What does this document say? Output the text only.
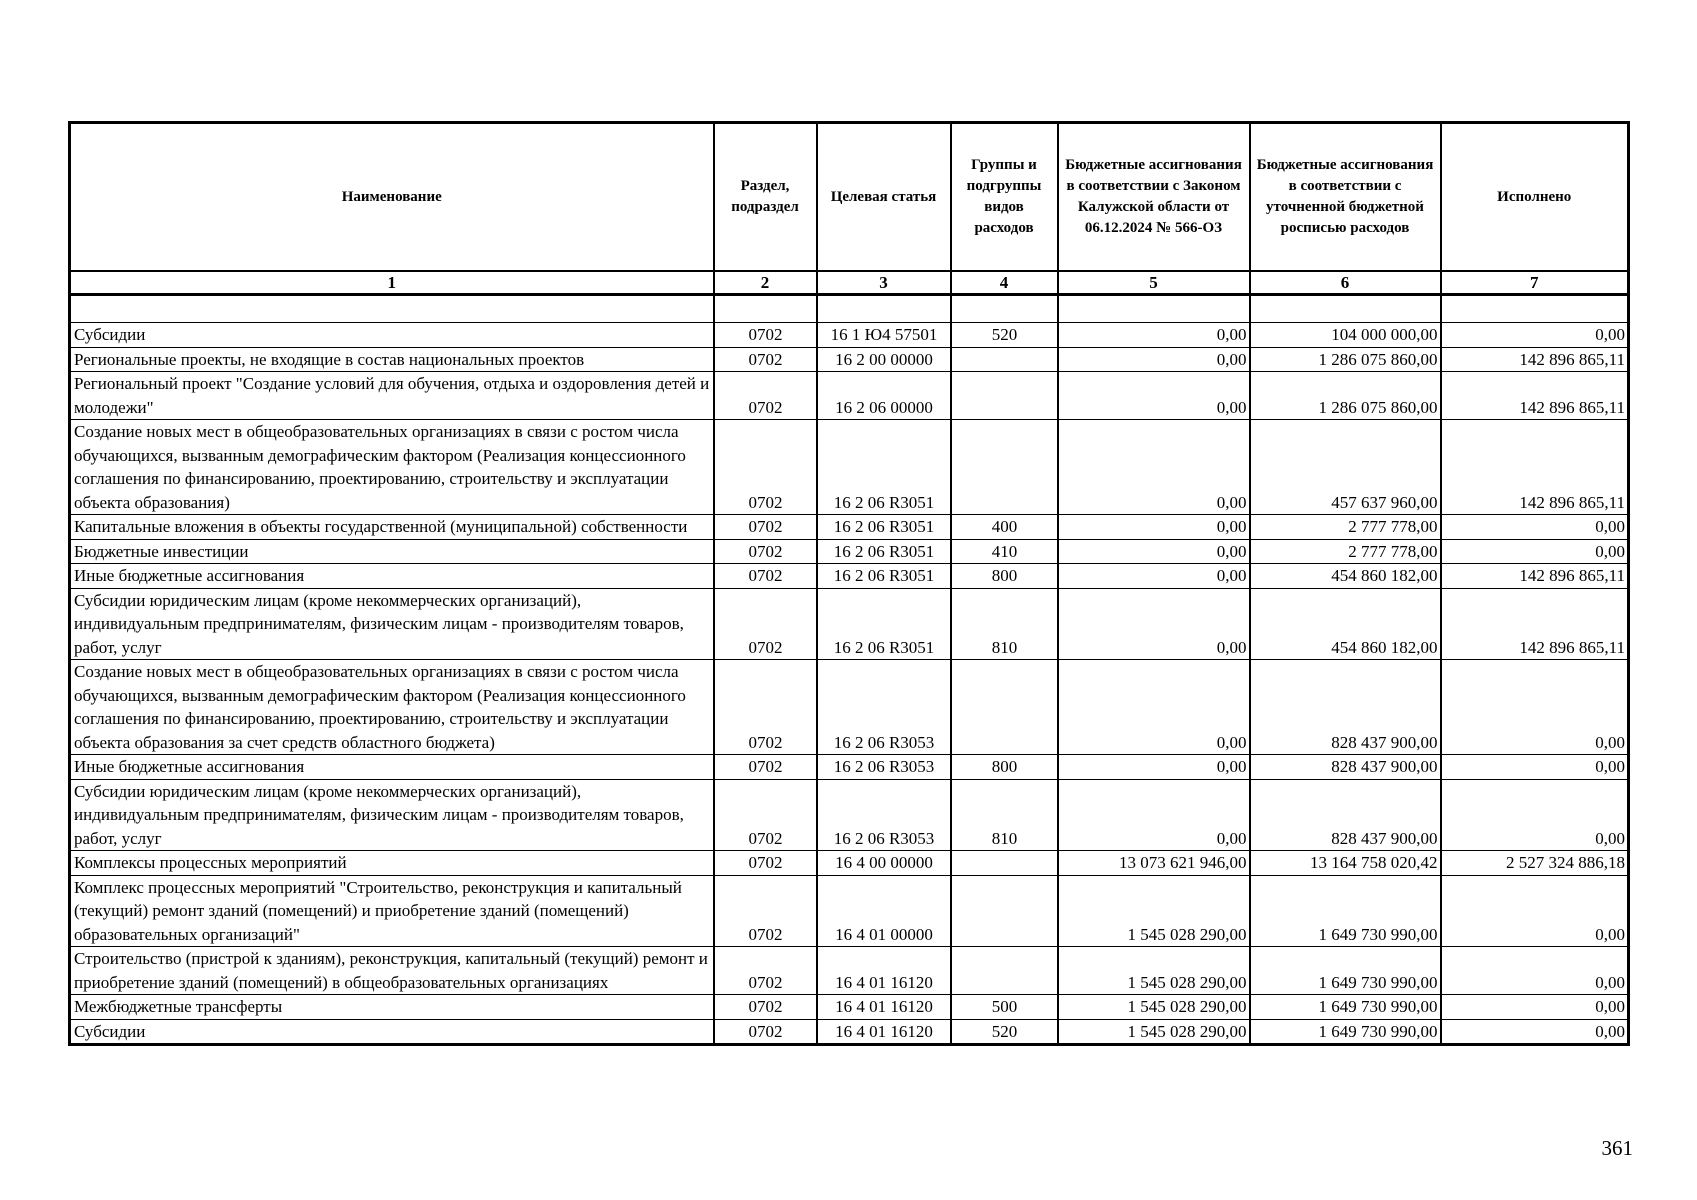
Наименование	Раздел, подраздел	Целевая статья	Группы и подгруппы видов расходов	Бюджетные ассигнования в соответствии с Законом Калужской области от 06.12.2024 № 566-ОЗ	Бюджетные ассигнования в соответствии с уточненной бюджетной росписью расходов	Исполнено
1	2	3	4	5	6	7

Субсидии	0702	16 1 Ю4 57501	520	0,00	104 000 000,00	0,00
Региональные проекты, не входящие в состав национальных проектов	0702	16 2 00 00000		0,00	1 286 075 860,00	142 896 865,11
Региональный проект "Создание условий для обучения, отдыха и оздоровления детей и молодежи"	0702	16 2 06 00000		0,00	1 286 075 860,00	142 896 865,11
Создание новых мест в общеобразовательных организациях в связи с ростом числа обучающихся, вызванным демографическим фактором (Реализация концессионного соглашения по финансированию, проектированию, строительству и эксплуатации объекта образования)	0702	16 2 06 R3051		0,00	457 637 960,00	142 896 865,11
Капитальные вложения в объекты государственной (муниципальной) собственности	0702	16 2 06 R3051	400	0,00	2 777 778,00	0,00
Бюджетные инвестиции	0702	16 2 06 R3051	410	0,00	2 777 778,00	0,00
Иные бюджетные ассигнования	0702	16 2 06 R3051	800	0,00	454 860 182,00	142 896 865,11
Субсидии юридическим лицам (кроме некоммерческих организаций), индивидуальным предпринимателям, физическим лицам - производителям товаров, работ, услуг	0702	16 2 06 R3051	810	0,00	454 860 182,00	142 896 865,11
Создание новых мест в общеобразовательных организациях в связи с ростом числа обучающихся, вызванным демографическим фактором (Реализация концессионного соглашения по финансированию, проектированию, строительству и эксплуатации объекта образования за счет средств областного бюджета)	0702	16 2 06 R3053		0,00	828 437 900,00	0,00
Иные бюджетные ассигнования	0702	16 2 06 R3053	800	0,00	828 437 900,00	0,00
Субсидии юридическим лицам (кроме некоммерческих организаций), индивидуальным предпринимателям, физическим лицам - производителям товаров, работ, услуг	0702	16 2 06 R3053	810	0,00	828 437 900,00	0,00
Комплексы процессных мероприятий	0702	16 4 00 00000		13 073 621 946,00	13 164 758 020,42	2 527 324 886,18
Комплекс процессных мероприятий "Строительство, реконструкция и капитальный (текущий) ремонт зданий (помещений) и приобретение зданий (помещений) образовательных организаций"	0702	16 4 01 00000		1 545 028 290,00	1 649 730 990,00	0,00
Строительство (пристрой к зданиям), реконструкция, капитальный (текущий) ремонт и приобретение зданий (помещений) в общеобразовательных организациях	0702	16 4 01 16120		1 545 028 290,00	1 649 730 990,00	0,00
Межбюджетные трансферты	0702	16 4 01 16120	500	1 545 028 290,00	1 649 730 990,00	0,00
Субсидии	0702	16 4 01 16120	520	1 545 028 290,00	1 649 730 990,00	0,00
361
